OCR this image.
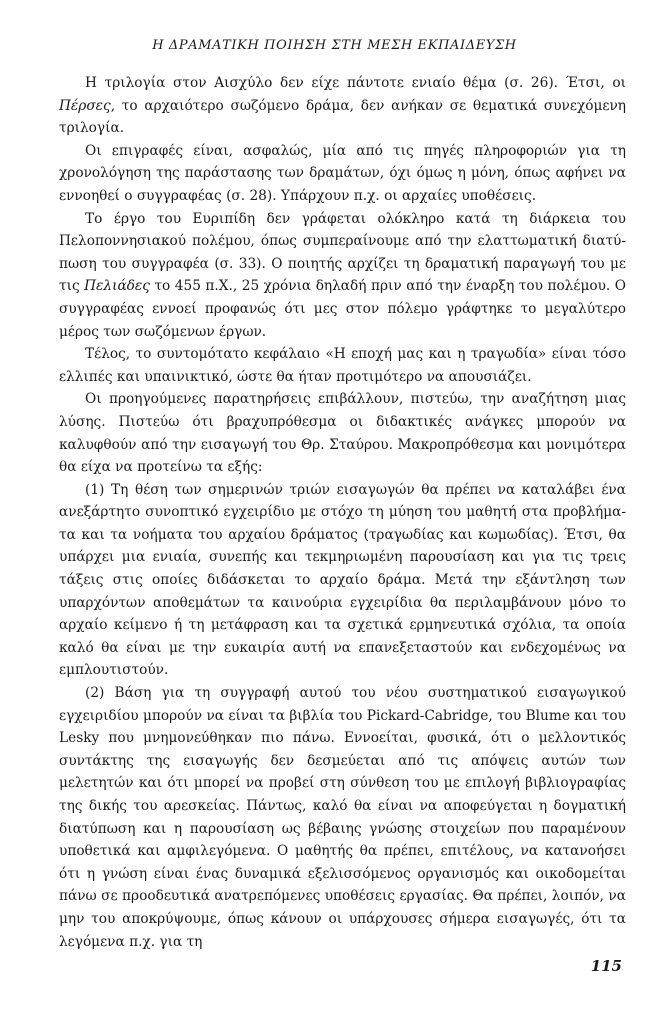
Η ΔΡΑΜΑΤΙΚΗ ΠΟΙΗΣΗ ΣΤΗ ΜΕΣΗ ΕΚΠΑΙΔΕΥΣΗ

Η τριλογία στον Αισχύλο δεν είχε πάντοτε ενιαίο θέμα (σ. 26). Έτσι, οι Πέρσες, το αρχαιότερο σωζόμενο δράμα, δεν ανήκαν σε θεματικά συνεχόμενη τριλογία.

Οι επιγραφές είναι, ασφαλώς, μία από τις πηγές πληροφοριών για τη χρονολόγηση της παράστασης των δραμάτων, όχι όμως η μόνη, όπως αφήνει να εννοηθεί ο συγγραφέας (σ. 28). Υπάρχουν π.χ. οι αρχαίες υποθέσεις.

Το έργο του Ευριπίδη δεν γράφεται ολόκληρο κατά τη διάρκεια του Πελοποννησιακού πολέμου, όπως συμπεραίνουμε από την ελαττωματική διατύπωση του συγγραφέα (σ. 33). Ο ποιητής αρχίζει τη δραματική παραγωγή του με τις Πελιάδες το 455 π.Χ., 25 χρόνια δηλαδή πριν από την έναρξη του πολέμου. Ο συγγραφέας εννοεί προφανώς ότι μες στον πόλεμο γράφτηκε το μεγαλύτερο μέρος των σωζόμενων έργων.

Τέλος, το συντομότατο κεφάλαιο «Η εποχή μας και η τραγωδία» είναι τόσο ελλιπές και υπαινικτικό, ώστε θα ήταν προτιμότερο να απουσιάζει.

Οι προηγούμενες παρατηρήσεις επιβάλλουν, πιστεύω, την αναζήτηση μιας λύσης. Πιστεύω ότι βραχυπρόθεσμα οι διδακτικές ανάγκες μπορούν να καλυφθούν από την εισαγωγή του Θρ. Σταύρου. Μακροπρόθεσμα και μονιμότερα θα είχα να προτείνω τα εξής:

(1) Τη θέση των σημερινών τριών εισαγωγών θα πρέπει να καταλάβει ένα ανεξάρτητο συνοπτικό εγχειρίδιο με στόχο τη μύηση του μαθητή στα προβλήματα και τα νοήματα του αρχαίου δράματος (τραγωδίας και κωμωδίας). Έτσι, θα υπάρχει μια ενιαία, συνεπής και τεκμηριωμένη παρουσίαση και για τις τρεις τάξεις στις οποίες διδάσκεται το αρχαίο δράμα. Μετά την εξάντληση των υπαρχόντων αποθεμάτων τα καινούρια εγχειρίδια θα περιλαμβάνουν μόνο το αρχαίο κείμενο ή τη μετάφραση και τα σχετικά ερμηνευτικά σχόλια, τα οποία καλό θα είναι με την ευκαιρία αυτή να επανεξεταστούν και ενδεχομένως να εμπλουτιστούν.

(2) Βάση για τη συγγραφή αυτού του νέου συστηματικού εισαγωγικού εγχειριδίου μπορούν να είναι τα βιβλία του Pickard-Cabridge, του Blume και του Lesky που μνημονεύθηκαν πιο πάνω. Εννοείται, φυσικά, ότι ο μελλοντικός συντάκτης της εισαγωγής δεν δεσμεύεται από τις απόψεις αυτών των μελετητών και ότι μπορεί να προβεί στη σύνθεση του με επιλογή βιβλιογραφίας της δικής του αρεσκείας. Πάντως, καλό θα είναι να αποφεύγεται η δογματική διατύπωση και η παρουσίαση ως βέβαιης γνώσης στοιχείων που παραμένουν υποθετικά και αμφιλεγόμενα. Ο μαθητής θα πρέπει, επιτέλους, να κατανοήσει ότι η γνώση είναι ένας δυναμικά εξελισσόμενος οργανισμός και οικοδομείται πάνω σε προοδευτικά ανατρεπόμενες υποθέσεις εργασίας. Θα πρέπει, λοιπόν, να μην του αποκρύψουμε, όπως κάνουν οι υπάρχουσες σήμερα εισαγωγές, ότι τα λεγόμενα π.χ. για τη

115
